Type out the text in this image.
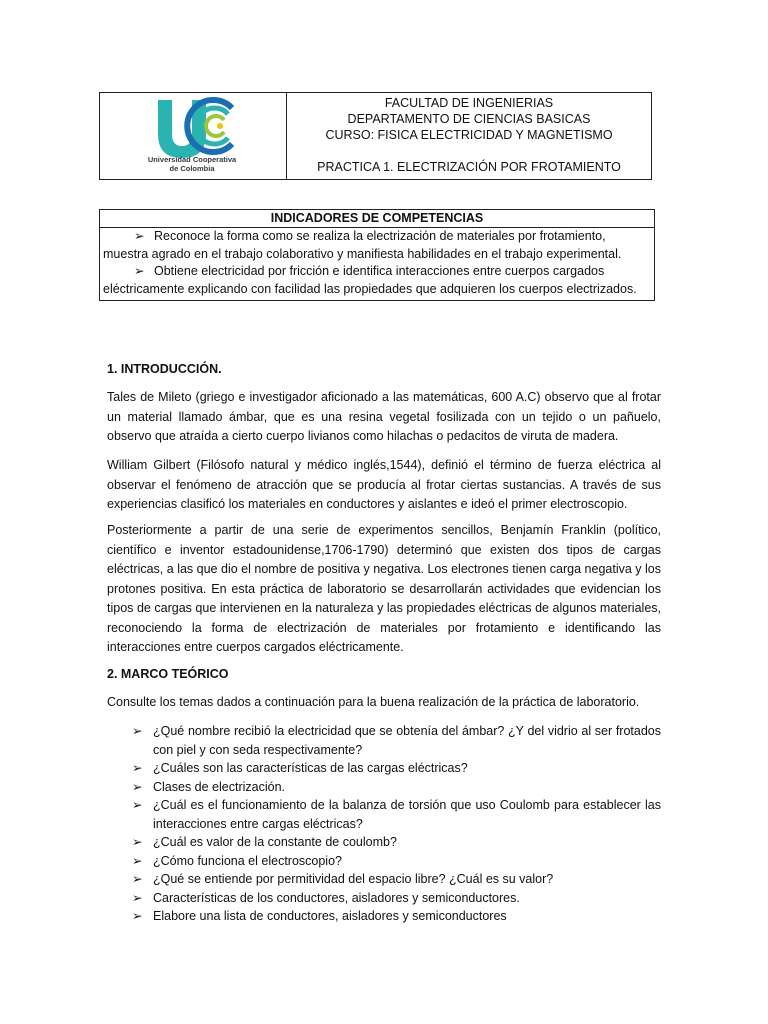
Universidad Cooperativa
de Colombia
FACULTAD DE INGENIERIAS
DEPARTAMENTO DE CIENCIAS BASICAS
CURSO: FISICA ELECTRICIDAD Y MAGNETISMO
PRACTICA 1. ELECTRIZACIÓN POR FROTAMIENTO
INDICADORES DE COMPETENCIAS
➢ Reconoce la forma como se realiza la electrización de materiales por frotamiento, muestra agrado en el trabajo colaborativo y manifiesta habilidades en el trabajo experimental.
➢ Obtiene electricidad por fricción e identifica interacciones entre cuerpos cargados eléctricamente explicando con facilidad las propiedades que adquieren los cuerpos electrizados.
1. INTRODUCCIÓN.

Tales de Mileto (griego e investigador aficionado a las matemáticas, 600 A.C) observo que al frotar un material llamado ámbar, que es una resina vegetal fosilizada con un tejido o un pañuelo, observo que atraída a cierto cuerpo livianos como hilachas o pedacitos de viruta de madera.

William Gilbert (Filósofo natural y médico inglés,1544), definió el término de fuerza eléctrica al observar el fenómeno de atracción que se producía al frotar ciertas sustancias. A través de sus experiencias clasificó los materiales en conductores y aislantes e ideó el primer electroscopio.

Posteriormente a partir de una serie de experimentos sencillos, Benjamín Franklin (político, científico e inventor estadounidense,1706-1790) determinó que existen dos tipos de cargas eléctricas, a las que dio el nombre de positiva y negativa. Los electrones tienen carga negativa y los protones positiva. En esta práctica de laboratorio se desarrollarán actividades que evidencian los tipos de cargas que intervienen en la naturaleza y las propiedades eléctricas de algunos materiales, reconociendo la forma de electrización de materiales por frotamiento e identificando las interacciones entre cuerpos cargados eléctricamente.

2. MARCO TEÓRICO

Consulte los temas dados a continuación para la buena realización de la práctica de laboratorio.

➢ ¿Qué nombre recibió la electricidad que se obtenía del ámbar? ¿Y del vidrio al ser frotados con piel y con seda respectivamente?
➢ ¿Cuáles son las características de las cargas eléctricas?
➢ Clases de electrización.
➢ ¿Cuál es el funcionamiento de la balanza de torsión que uso Coulomb para establecer las interacciones entre cargas eléctricas?
➢ ¿Cuál es valor de la constante de coulomb?
➢ ¿Cómo funciona el electroscopio?
➢ ¿Qué se entiende por permitividad del espacio libre? ¿Cuál es su valor?
➢ Características de los conductores, aisladores y semiconductores.
➢ Elabore una lista de conductores, aisladores y semiconductores
